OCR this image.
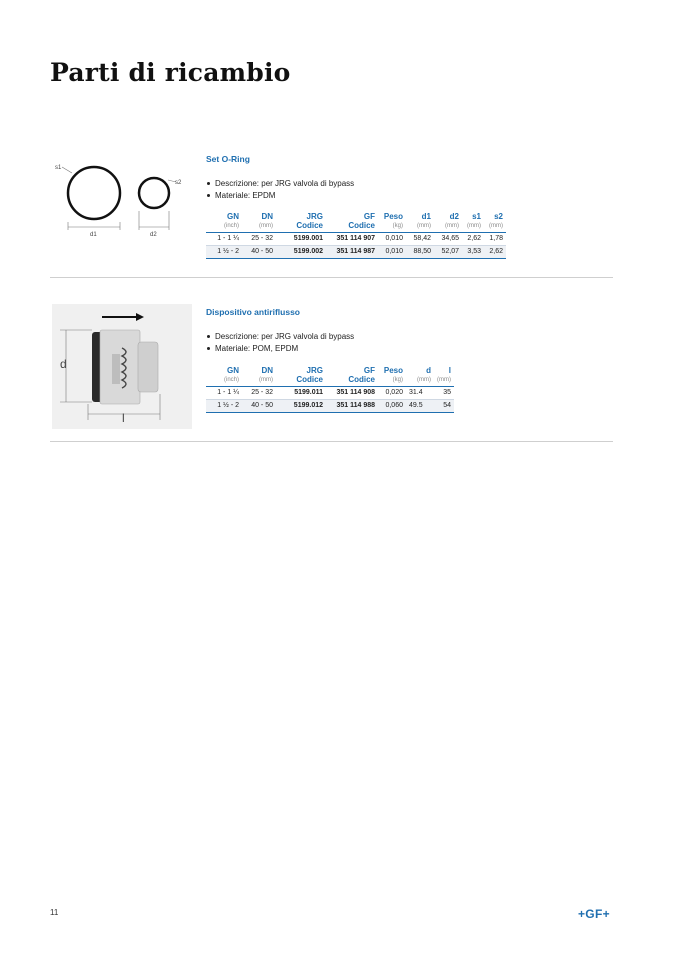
Parti di ricambio
s1
s2
d1	d2
Set O-Ring
Descrizione: per JRG valvola di bypass
Materiale: EPDM
GN	DN	JRG	GF	Peso	d1	d2	s1	s2
(inch)	(mm)	Codice	Codice	(kg)	(mm)	(mm)	(mm)	(mm)
1 - 1 ¼	25 - 32	5199.001	351 114 907	0,010	58,42	34,65	2,62	1,78
1 ½ - 2	40 - 50	5199.002	351 114 987	0,010	88,50	52,07	3,53	2,62
d
l
Dispositivo antiriflusso
Descrizione: per JRG valvola di bypass
Materiale: POM, EPDM
GN	DN	JRG	GF	Peso	d	l
(inch)	(mm)	Codice	Codice	(kg)	(mm)	(mm)
1 - 1 ¼	25 - 32	5199.011	351 114 908	0,020	31.4	35
1 ½ - 2	40 - 50	5199.012	351 114 988	0,060	49.5	54
11	+GF+
